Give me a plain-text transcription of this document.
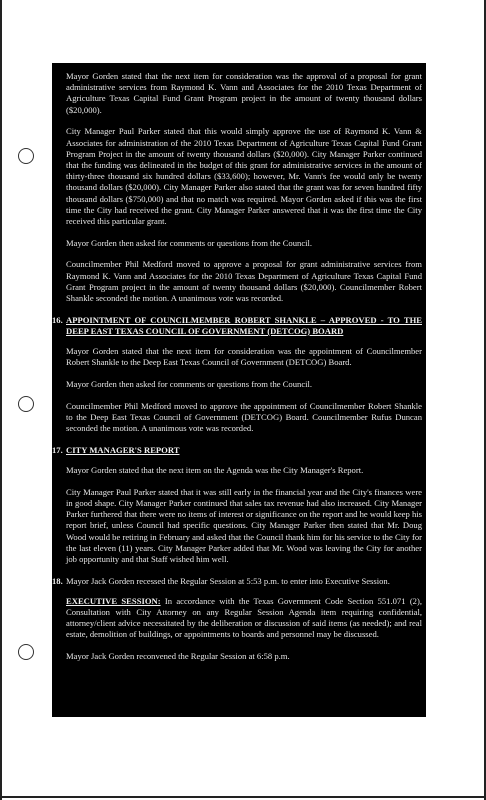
Mayor Gorden stated that the next item for consideration was the approval of a proposal for grant administrative services from Raymond K. Vann and Associates for the 2010 Texas Department of Agriculture Texas Capital Fund Grant Program project in the amount of twenty thousand dollars ($20,000).

City Manager Paul Parker stated that this would simply approve the use of Raymond K. Vann & Associates for administration of the 2010 Texas Department of Agriculture Texas Capital Fund Grant Program Project in the amount of twenty thousand dollars ($20,000). City Manager Parker continued that the funding was delineated in the budget of this grant for administrative services in the amount of thirty-three thousand six hundred dollars ($33,600); however, Mr. Vann's fee would only be twenty thousand dollars ($20,000). City Manager Parker also stated that the grant was for seven hundred fifty thousand dollars ($750,000) and that no match was required. Mayor Gorden asked if this was the first time the City had received the grant. City Manager Parker answered that it was the first time the City received this particular grant.

Mayor Gorden then asked for comments or questions from the Council.

Councilmember Phil Medford moved to approve a proposal for grant administrative services from Raymond K. Vann and Associates for the 2010 Texas Department of Agriculture Texas Capital Fund Grant Program project in the amount of twenty thousand dollars ($20,000). Councilmember Robert Shankle seconded the motion. A unanimous vote was recorded.

16. APPOINTMENT OF COUNCILMEMBER ROBERT SHANKLE – APPROVED - TO THE DEEP EAST TEXAS COUNCIL OF GOVERNMENT (DETCOG) BOARD

Mayor Gorden stated that the next item for consideration was the appointment of Councilmember Robert Shankle to the Deep East Texas Council of Government (DETCOG) Board.

Mayor Gorden then asked for comments or questions from the Council.

Councilmember Phil Medford moved to approve the appointment of Councilmember Robert Shankle to the Deep East Texas Council of Government (DETCOG) Board. Councilmember Rufus Duncan seconded the motion. A unanimous vote was recorded.

17. CITY MANAGER'S REPORT

Mayor Gorden stated that the next item on the Agenda was the City Manager's Report.

City Manager Paul Parker stated that it was still early in the financial year and the City's finances were in good shape. City Manager Parker continued that sales tax revenue had also increased. City Manager Parker furthered that there were no items of interest or significance on the report and he would keep his report brief, unless Council had specific questions. City Manager Parker then stated that Mr. Doug Wood would be retiring in February and asked that the Council thank him for his service to the City for the last eleven (11) years. City Manager Parker added that Mr. Wood was leaving the City for another job opportunity and that Staff wished him well.

18. Mayor Jack Gorden recessed the Regular Session at 5:53 p.m. to enter into Executive Session.

EXECUTIVE SESSION: In accordance with the Texas Government Code Section 551.071 (2), Consultation with City Attorney on any Regular Session Agenda item requiring confidential, attorney/client advice necessitated by the deliberation or discussion of said items (as needed); and real estate, demolition of buildings, or appointments to boards and personnel may be discussed.

Mayor Jack Gorden reconvened the Regular Session at 6:58 p.m.
